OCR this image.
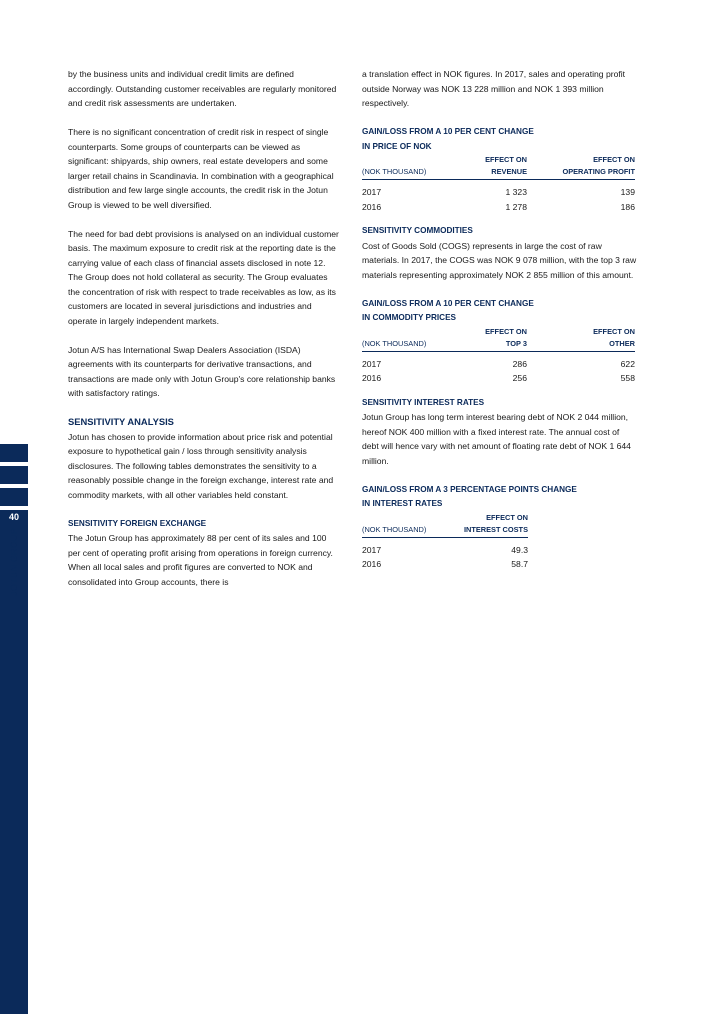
40
JOTUN GROUP

by the business units and individual credit limits are defined accordingly. Outstanding customer receivables are regularly monitored and credit risk assessments are undertaken.

There is no significant concentration of credit risk in respect of single counterparts. Some groups of counterparts can be viewed as significant: shipyards, ship owners, real estate developers and some larger retail chains in Scandinavia. In combination with a geographical distribution and few large single accounts, the credit risk in the Jotun Group is viewed to be well diversified.

The need for bad debt provisions is analysed on an individual customer basis. The maximum exposure to credit risk at the reporting date is the carrying value of each class of financial assets disclosed in note 12. The Group does not hold collateral as security. The Group evaluates the concentration of risk with respect to trade receivables as low, as its customers are located in several jurisdictions and industries and operate in largely independent markets.

Jotun A/S has International Swap Dealers Association (ISDA) agreements with its counterparts for derivative transactions, and transactions are made only with Jotun Group's core relationship banks with satisfactory ratings.

SENSITIVITY ANALYSIS

Jotun has chosen to provide information about price risk and potential exposure to hypothetical gain / loss through sensitivity analysis disclosures. The following tables demonstrates the sensitivity to a reasonably possible change in the foreign exchange, interest rate and commodity markets, with all other variables held constant.

SENSITIVITY FOREIGN EXCHANGE

The Jotun Group has approximately 88 per cent of its sales and 100 per cent of operating profit arising from operations in foreign currency. When all local sales and profit figures are converted to NOK and consolidated into Group accounts, there is

a translation effect in NOK figures. In 2017, sales and operating profit outside Norway was NOK 13 228 million and NOK 1 393 million respectively.

GAIN/LOSS FROM A 10 PER CENT CHANGE
IN PRICE OF NOK
	EFFECT ON	EFFECT ON
(NOK THOUSAND)	REVENUE	OPERATING PROFIT
2017	1 323	139
2016	1 278	186
SENSITIVITY COMMODITIES

Cost of Goods Sold (COGS) represents in large the cost of raw materials. In 2017, the COGS was NOK 9 078 million, with the top 3 raw materials representing approximately NOK 2 855 million of this amount.

GAIN/LOSS FROM A 10 PER CENT CHANGE
IN COMMODITY PRICES
	EFFECT ON	EFFECT ON
(NOK THOUSAND)	TOP 3	OTHER
2017	286	622
2016	256	558
SENSITIVITY INTEREST RATES

Jotun Group has long term interest bearing debt of NOK 2 044 million, hereof NOK 400 million with a fixed interest rate. The annual cost of debt will hence vary with net amount of floating rate debt of NOK 1 644 million.

GAIN/LOSS FROM A 3 PERCENTAGE POINTS CHANGE
IN INTEREST RATES
	EFFECT ON
(NOK THOUSAND)	INTEREST COSTS
2017	49.3
2016	58.7
